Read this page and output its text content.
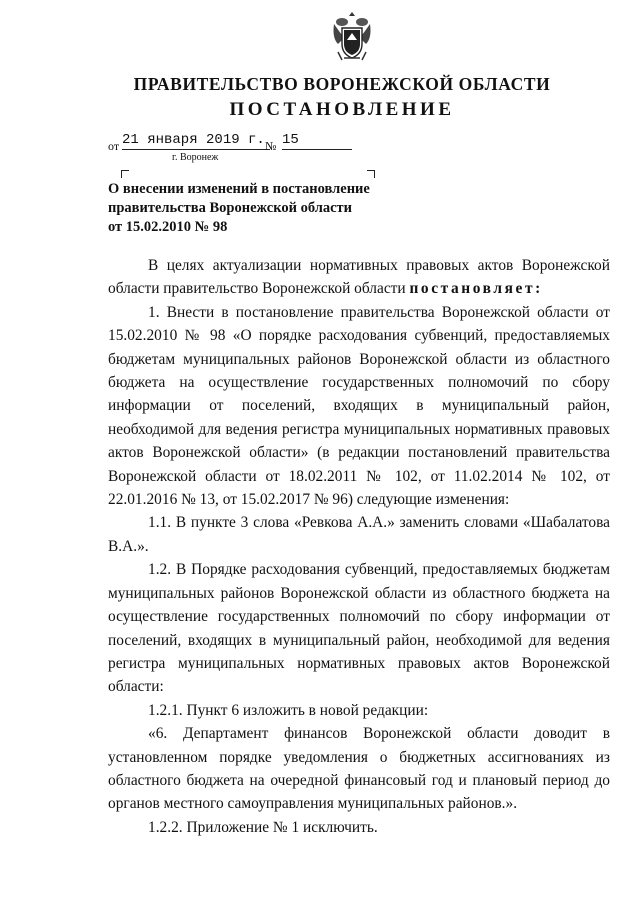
ПРАВИТЕЛЬСТВО ВОРОНЕЖСКОЙ ОБЛАСТИ
ПОСТАНОВЛЕНИЕ
от 21 января 2019 г. № 15
г. Воронеж
О внесении изменений в постановление
правительства Воронежской области
от 15.02.2010 № 98

В целях актуализации нормативных правовых актов Воронежской области правительство Воронежской области постановляет:

1. Внести в постановление правительства Воронежской области от 15.02.2010 № 98 «О порядке расходования субвенций, предоставляемых бюджетам муниципальных районов Воронежской области из областного бюджета на осуществление государственных полномочий по сбору информации от поселений, входящих в муниципальный район, необходимой для ведения регистра муниципальных нормативных правовых актов Воронежской области» (в редакции постановлений правительства Воронежской области от 18.02.2011 № 102, от 11.02.2014 № 102, от 22.01.2016 № 13, от 15.02.2017 № 96) следующие изменения:

1.1. В пункте 3 слова «Ревкова А.А.» заменить словами «Шабалатова В.А.».

1.2. В Порядке расходования субвенций, предоставляемых бюджетам муниципальных районов Воронежской области из областного бюджета на осуществление государственных полномочий по сбору информации от поселений, входящих в муниципальный район, необходимой для ведения регистра муниципальных нормативных правовых актов Воронежской области:

1.2.1. Пункт 6 изложить в новой редакции:

«6. Департамент финансов Воронежской области доводит в установленном порядке уведомления о бюджетных ассигнованиях из областного бюджета на очередной финансовый год и плановый период до органов местного самоуправления муниципальных районов.».

1.2.2. Приложение № 1 исключить.
